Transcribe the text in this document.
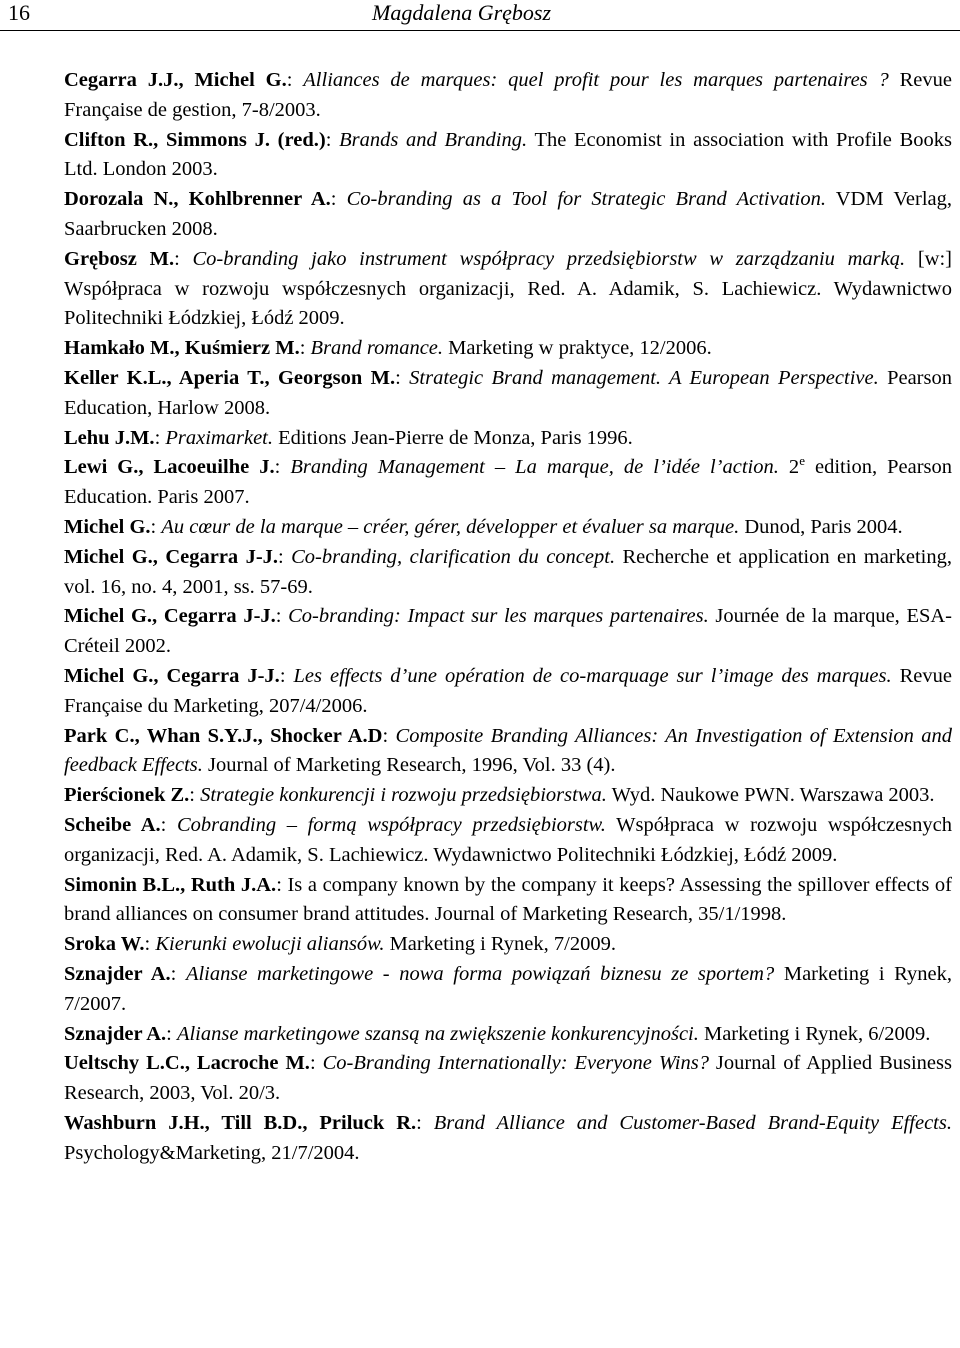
16	Magdalena Grębosz
Cegarra J.J., Michel G.: Alliances de marques: quel profit pour les marques partenaires ? Revue Française de gestion, 7-8/2003.
Clifton R., Simmons J. (red.): Brands and Branding. The Economist in association with Profile Books Ltd. London 2003.
Dorozala N., Kohlbrenner A.: Co-branding as a Tool for Strategic Brand Activation. VDM Verlag, Saarbrucken 2008.
Grębosz M.: Co-branding jako instrument współpracy przedsiębiorstw w zarządzaniu marką. [w:] Współpraca w rozwoju współczesnych organizacji, Red. A. Adamik, S. Lachiewicz. Wydawnictwo Politechniki Łódzkiej, Łódź 2009.
Hamkało M., Kuśmierz M.: Brand romance. Marketing w praktyce, 12/2006.
Keller K.L., Aperia T., Georgson M.: Strategic Brand management. A European Perspective. Pearson Education, Harlow 2008.
Lehu J.M.: Praximarket. Editions Jean-Pierre de Monza, Paris 1996.
Lewi G., Lacoeuilhe J.: Branding Management – La marque, de l’idée l’action. 2e edition, Pearson Education. Paris 2007.
Michel G.: Au cœur de la marque – créer, gérer, développer et évaluer sa marque. Dunod, Paris 2004.
Michel G., Cegarra J-J.: Co-branding, clarification du concept. Recherche et application en marketing, vol. 16, no. 4, 2001, ss. 57-69.
Michel G., Cegarra J-J.: Co-branding: Impact sur les marques partenaires. Journée de la marque, ESA-Créteil 2002.
Michel G., Cegarra J-J.: Les effects d’une opération de co-marquage sur l’image des marques. Revue Française du Marketing, 207/4/2006.
Park C., Whan S.Y.J., Shocker A.D: Composite Branding Alliances: An Investigation of Extension and feedback Effects. Journal of Marketing Research, 1996, Vol. 33 (4).
Pierścionek Z.: Strategie konkurencji i rozwoju przedsiębiorstwa. Wyd. Naukowe PWN. Warszawa 2003.
Scheibe A.: Cobranding – formą współpracy przedsiębiorstw. Współpraca w rozwoju współczesnych organizacji, Red. A. Adamik, S. Lachiewicz. Wydawnictwo Politechniki Łódzkiej, Łódź 2009.
Simonin B.L., Ruth J.A.: Is a company known by the company it keeps? Assessing the spillover effects of brand alliances on consumer brand attitudes. Journal of Marketing Research, 35/1/1998.
Sroka W.: Kierunki ewolucji aliansów. Marketing i Rynek, 7/2009.
Sznajder A.: Alianse marketingowe - nowa forma powiązań biznesu ze sportem? Marketing i Rynek, 7/2007.
Sznajder A.: Alianse marketingowe szansą na zwiększenie konkurencyjności. Marketing i Rynek, 6/2009.
Ueltschy L.C., Lacroche M.: Co-Branding Internationally: Everyone Wins? Journal of Applied Business Research, 2003, Vol. 20/3.
Washburn J.H., Till B.D., Priluck R.: Brand Alliance and Customer-Based Brand-Equity Effects. Psychology&Marketing, 21/7/2004.
